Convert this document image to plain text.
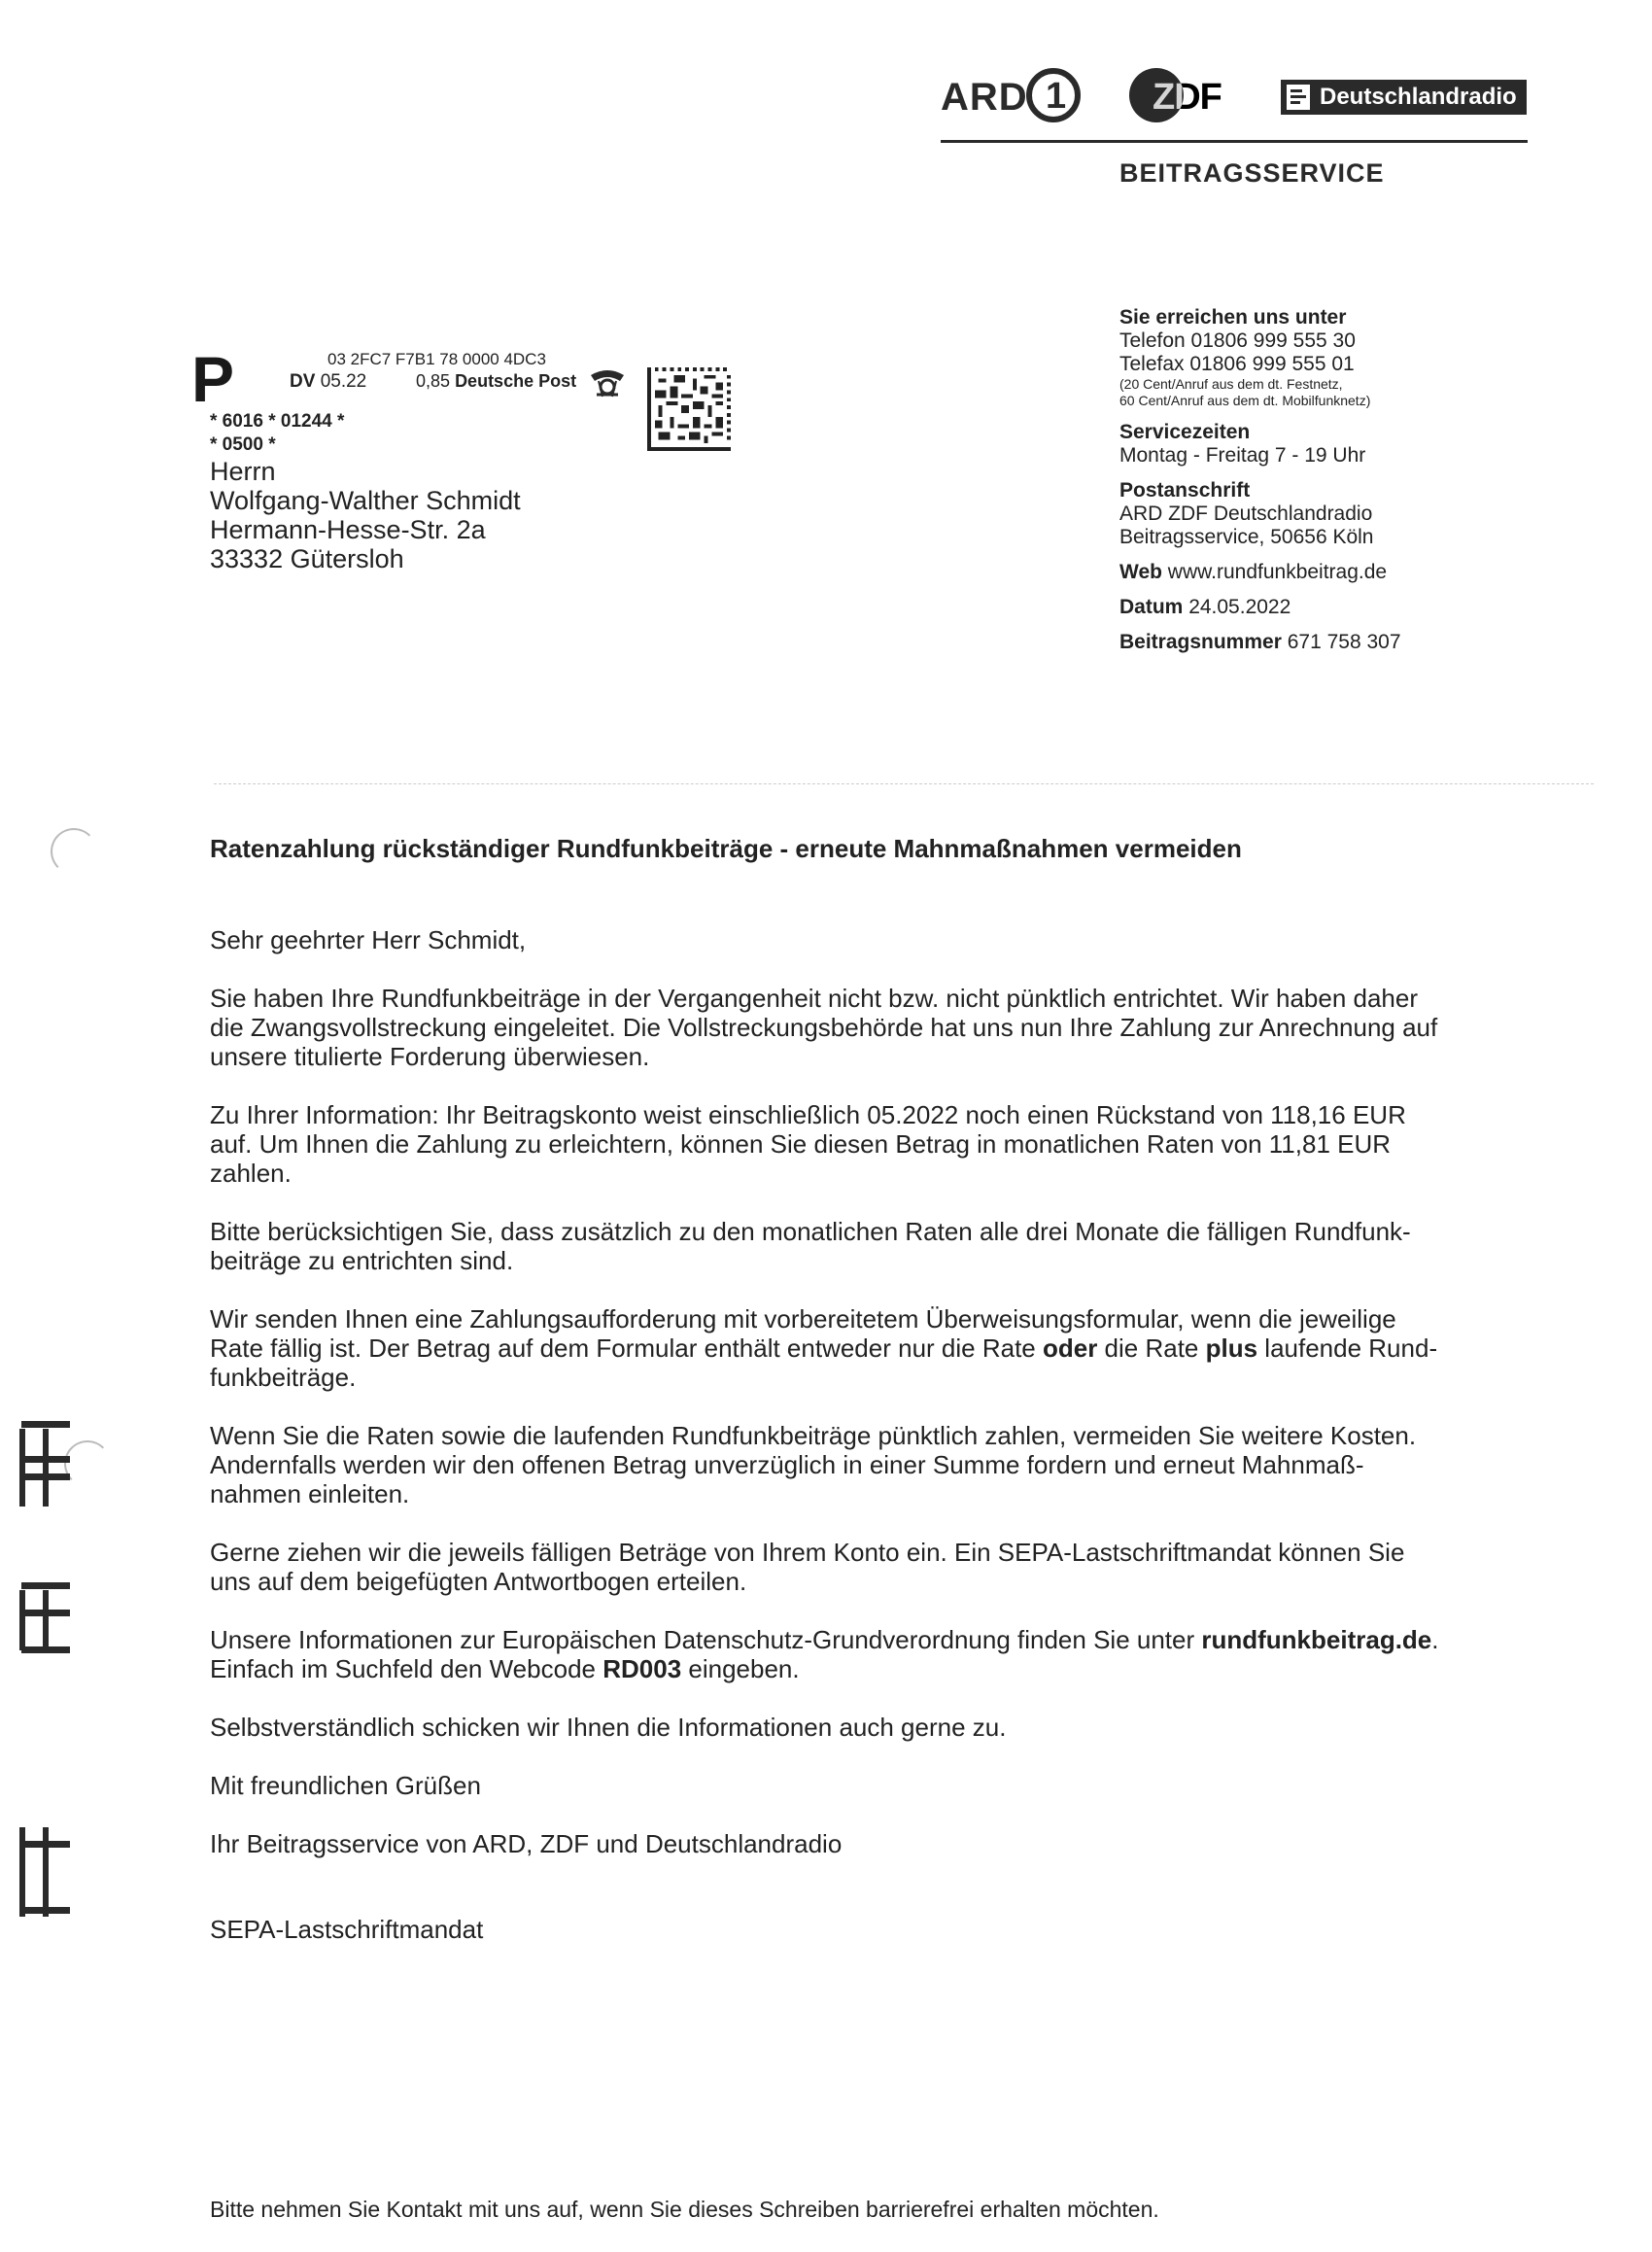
ARD 1 ZDF	Deutschlandradio
BEITRAGSSERVICE
P	03 2FC7 F7B1 78 0000 4DC3
DV 05.22	0,85 Deutsche Post
* 6016 * 01244 *
* 0500 *
Herrn
Wolfgang-Walther Schmidt
Hermann-Hesse-Str. 2a
33332 Gütersloh
Sie erreichen uns unter
Telefon 01806 999 555 30
Telefax 01806 999 555 01
(20 Cent/Anruf aus dem dt. Festnetz,
60 Cent/Anruf aus dem dt. Mobilfunknetz)
Servicezeiten
Montag - Freitag 7 - 19 Uhr
Postanschrift
ARD ZDF Deutschlandradio
Beitragsservice, 50656 Köln
Web www.rundfunkbeitrag.de
Datum 24.05.2022
Beitragsnummer 671 758 307
Ratenzahlung rückständiger Rundfunkbeiträge - erneute Mahnmaßnahmen vermeiden

Sehr geehrter Herr Schmidt,

Sie haben Ihre Rundfunkbeiträge in der Vergangenheit nicht bzw. nicht pünktlich entrichtet. Wir haben daher
die Zwangsvollstreckung eingeleitet. Die Vollstreckungsbehörde hat uns nun Ihre Zahlung zur Anrechnung auf
unsere titulierte Forderung überwiesen.

Zu Ihrer Information: Ihr Beitragskonto weist einschließlich 05.2022 noch einen Rückstand von 118,16 EUR
auf. Um Ihnen die Zahlung zu erleichtern, können Sie diesen Betrag in monatlichen Raten von 11,81 EUR
zahlen.

Bitte berücksichtigen Sie, dass zusätzlich zu den monatlichen Raten alle drei Monate die fälligen Rundfunk-
beiträge zu entrichten sind.

Wir senden Ihnen eine Zahlungsaufforderung mit vorbereitetem Überweisungsformular, wenn die jeweilige
Rate fällig ist. Der Betrag auf dem Formular enthält entweder nur die Rate oder die Rate plus laufende Rund-
funkbeiträge.

Wenn Sie die Raten sowie die laufenden Rundfunkbeiträge pünktlich zahlen, vermeiden Sie weitere Kosten.
Andernfalls werden wir den offenen Betrag unverzüglich in einer Summe fordern und erneut Mahnmaß-
nahmen einleiten.

Gerne ziehen wir die jeweils fälligen Beträge von Ihrem Konto ein. Ein SEPA-Lastschriftmandat können Sie
uns auf dem beigefügten Antwortbogen erteilen.

Unsere Informationen zur Europäischen Datenschutz-Grundverordnung finden Sie unter rundfunkbeitrag.de.
Einfach im Suchfeld den Webcode RD003 eingeben.

Selbstverständlich schicken wir Ihnen die Informationen auch gerne zu.

Mit freundlichen Grüßen

Ihr Beitragsservice von ARD, ZDF und Deutschlandradio

SEPA-Lastschriftmandat

Bitte nehmen Sie Kontakt mit uns auf, wenn Sie dieses Schreiben barrierefrei erhalten möchten.
